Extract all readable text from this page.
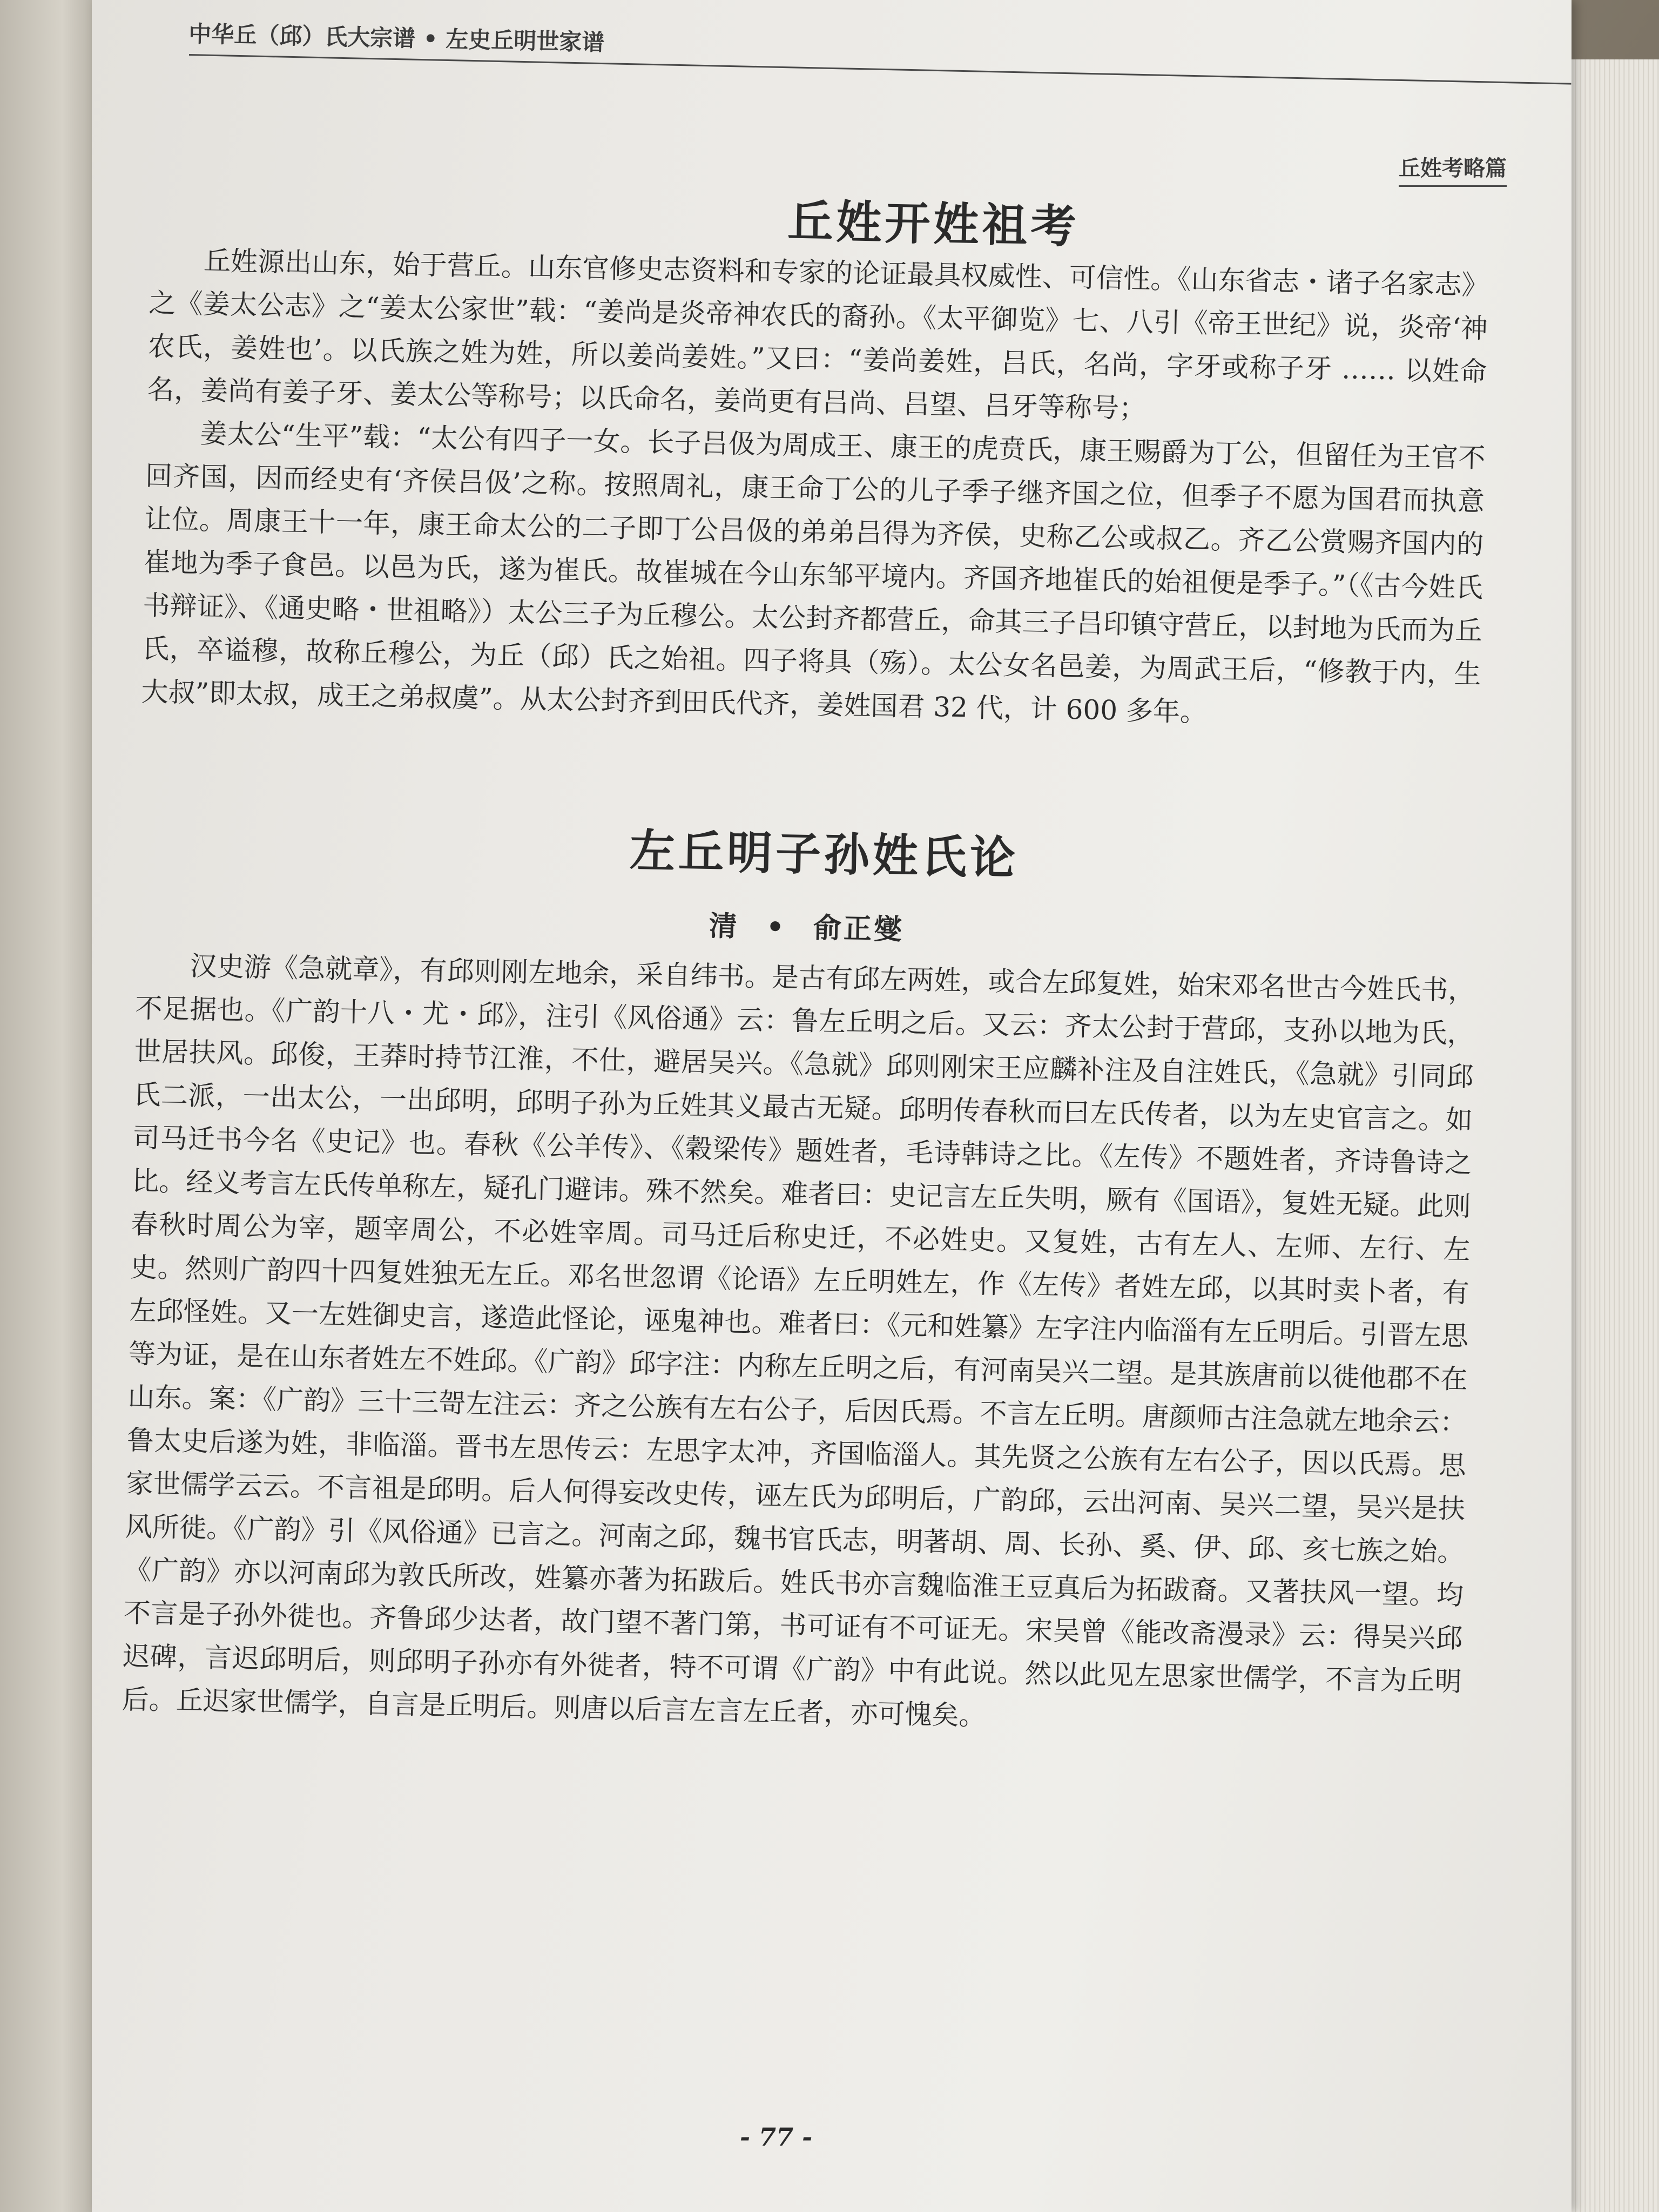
中华丘（邱）氏大宗谱 • 左史丘明世家谱
丘姓考略篇
丘姓开姓祖考

丘姓源出山东，始于营丘。山东官修史志资料和专家的论证最具权威性、可信性。《山东省志・诸子名家志》之《姜太公志》之“姜太公家世”载：“姜尚是炎帝神农氏的裔孙。《太平御览》七、八引《帝王世纪》说，炎帝‘神农氏，姜姓也’。以氏族之姓为姓，所以姜尚姜姓。”又曰：“姜尚姜姓，吕氏，名尚，字牙或称子牙 …… 以姓命名，姜尚有姜子牙、姜太公等称号；以氏命名，姜尚更有吕尚、吕望、吕牙等称号；

姜太公“生平”载：“太公有四子一女。长子吕伋为周成王、康王的虎贲氏，康王赐爵为丁公，但留任为王官不回齐国，因而经史有‘齐侯吕伋’之称。按照周礼，康王命丁公的儿子季子继齐国之位，但季子不愿为国君而执意让位。周康王十一年，康王命太公的二子即丁公吕伋的弟弟吕得为齐侯，史称乙公或叔乙。齐乙公赏赐齐国内的崔地为季子食邑。以邑为氏，遂为崔氏。故崔城在今山东邹平境内。齐国齐地崔氏的始祖便是季子。”（《古今姓氏书辩证》、《通史略・世祖略》）太公三子为丘穆公。太公封齐都营丘，命其三子吕印镇守营丘，以封地为氏而为丘氏，卒谥穆，故称丘穆公，为丘（邱）氏之始祖。四子将具（殇）。太公女名邑姜，为周武王后，“修教于内，生大叔”即太叔，成王之弟叔虞”。从太公封齐到田氏代齐，姜姓国君 32 代，计 600 多年。

左丘明子孙姓氏论
清 • 俞正燮

汉史游《急就章》，有邱则刚左地余，采自纬书。是古有邱左两姓，或合左邱复姓，始宋邓名世古今姓氏书，不足据也。《广韵十八・尤・邱》，注引《风俗通》云：鲁左丘明之后。又云：齐太公封于营邱，支孙以地为氏，世居扶风。邱俊，王莽时持节江淮，不仕，避居吴兴。《急就》邱则刚宋王应麟补注及自注姓氏，《急就》引同邱氏二派，一出太公，一出邱明，邱明子孙为丘姓其义最古无疑。邱明传春秋而曰左氏传者，以为左史官言之。如司马迁书今名《史记》也。春秋《公羊传》、《穀梁传》题姓者，毛诗韩诗之比。《左传》不题姓者，齐诗鲁诗之比。经义考言左氏传单称左，疑孔门避讳。殊不然矣。难者曰：史记言左丘失明，厥有《国语》，复姓无疑。此则春秋时周公为宰，题宰周公，不必姓宰周。司马迁后称史迁，不必姓史。又复姓，古有左人、左师、左行、左史。然则广韵四十四复姓独无左丘。邓名世忽谓《论语》左丘明姓左，作《左传》者姓左邱，以其时卖卜者，有左邱怪姓。又一左姓御史言，遂造此怪论，诬鬼神也。难者曰：《元和姓纂》左字注内临淄有左丘明后。引晋左思等为证，是在山东者姓左不姓邱。《广韵》邱字注：内称左丘明之后，有河南吴兴二望。是其族唐前以徙他郡不在山东。案：《广韵》三十三哿左注云：齐之公族有左右公子，后因氏焉。不言左丘明。唐颜师古注急就左地余云：鲁太史后遂为姓，非临淄。晋书左思传云：左思字太冲，齐国临淄人。其先贤之公族有左右公子，因以氏焉。思家世儒学云云。不言祖是邱明。后人何得妄改史传，诬左氏为邱明后，广韵邱，云出河南、吴兴二望，吴兴是扶风所徙。《广韵》引《风俗通》已言之。河南之邱，魏书官氏志，明著胡、周、长孙、奚、伊、邱、亥七族之始。《广韵》亦以河南邱为敦氏所改，姓纂亦著为拓跋后。姓氏书亦言魏临淮王豆真后为拓跋裔。又著扶风一望。均不言是子孙外徙也。齐鲁邱少达者，故门望不著门第，书可证有不可证无。宋吴曾《能改斋漫录》云：得吴兴邱迟碑，言迟邱明后，则邱明子孙亦有外徙者，特不可谓《广韵》中有此说。然以此见左思家世儒学，不言为丘明后。丘迟家世儒学，自言是丘明后。则唐以后言左言左丘者，亦可愧矣。

- 77 -
